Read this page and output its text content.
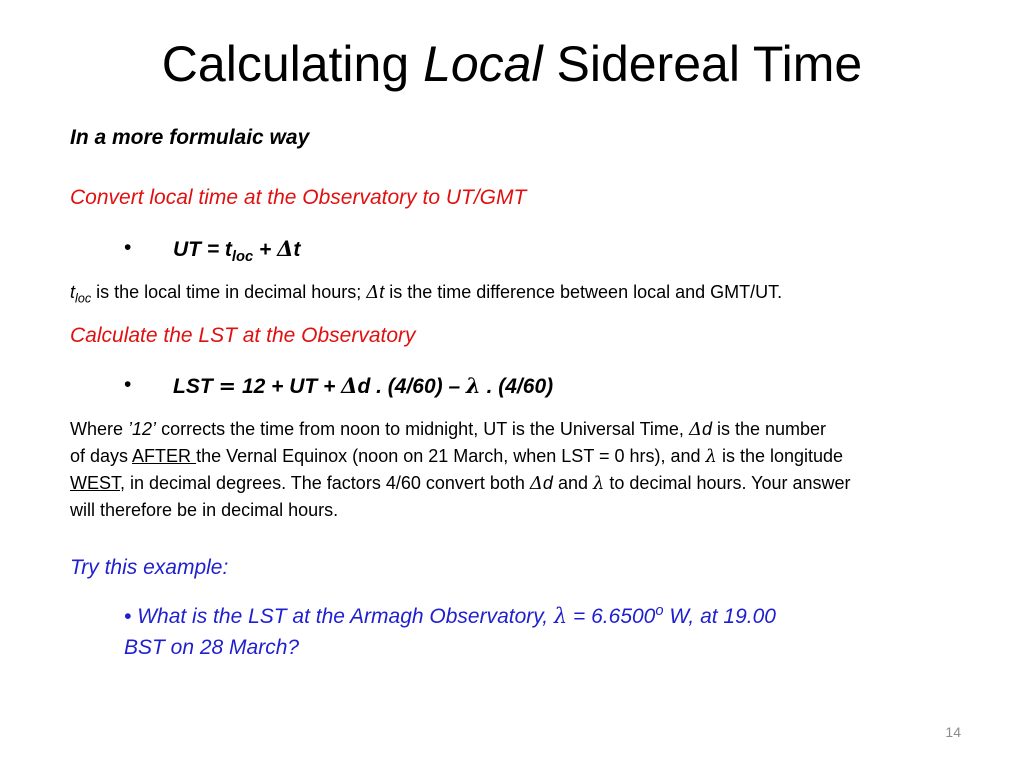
Calculating Local Sidereal Time
In a more formulaic way
Convert local time at the Observatory to UT/GMT
• UT = $t_{loc} + \Delta t$
$t_{loc}$ is the local time in decimal hours; Δt is the time difference between local and GMT/UT.
Calculate the LST at the Observatory
• LST = 12 + UT + Δd . (4/60) – λ . (4/60)
Where ’12’ corrects the time from noon to midnight, UT is the Universal Time, Δd is the number
of days AFTER the Vernal Equinox (noon on 21 March, when LST = 0 hrs), and λ is the longitude
WEST, in decimal degrees. The factors 4/60 convert both Δd and λ to decimal hours. Your answer
will therefore be in decimal hours.
Try this example:
• What is the LST at the Armagh Observatory, $\lambda = 6.6500^o$ W, at 19.00
BST on 28 March?
14
